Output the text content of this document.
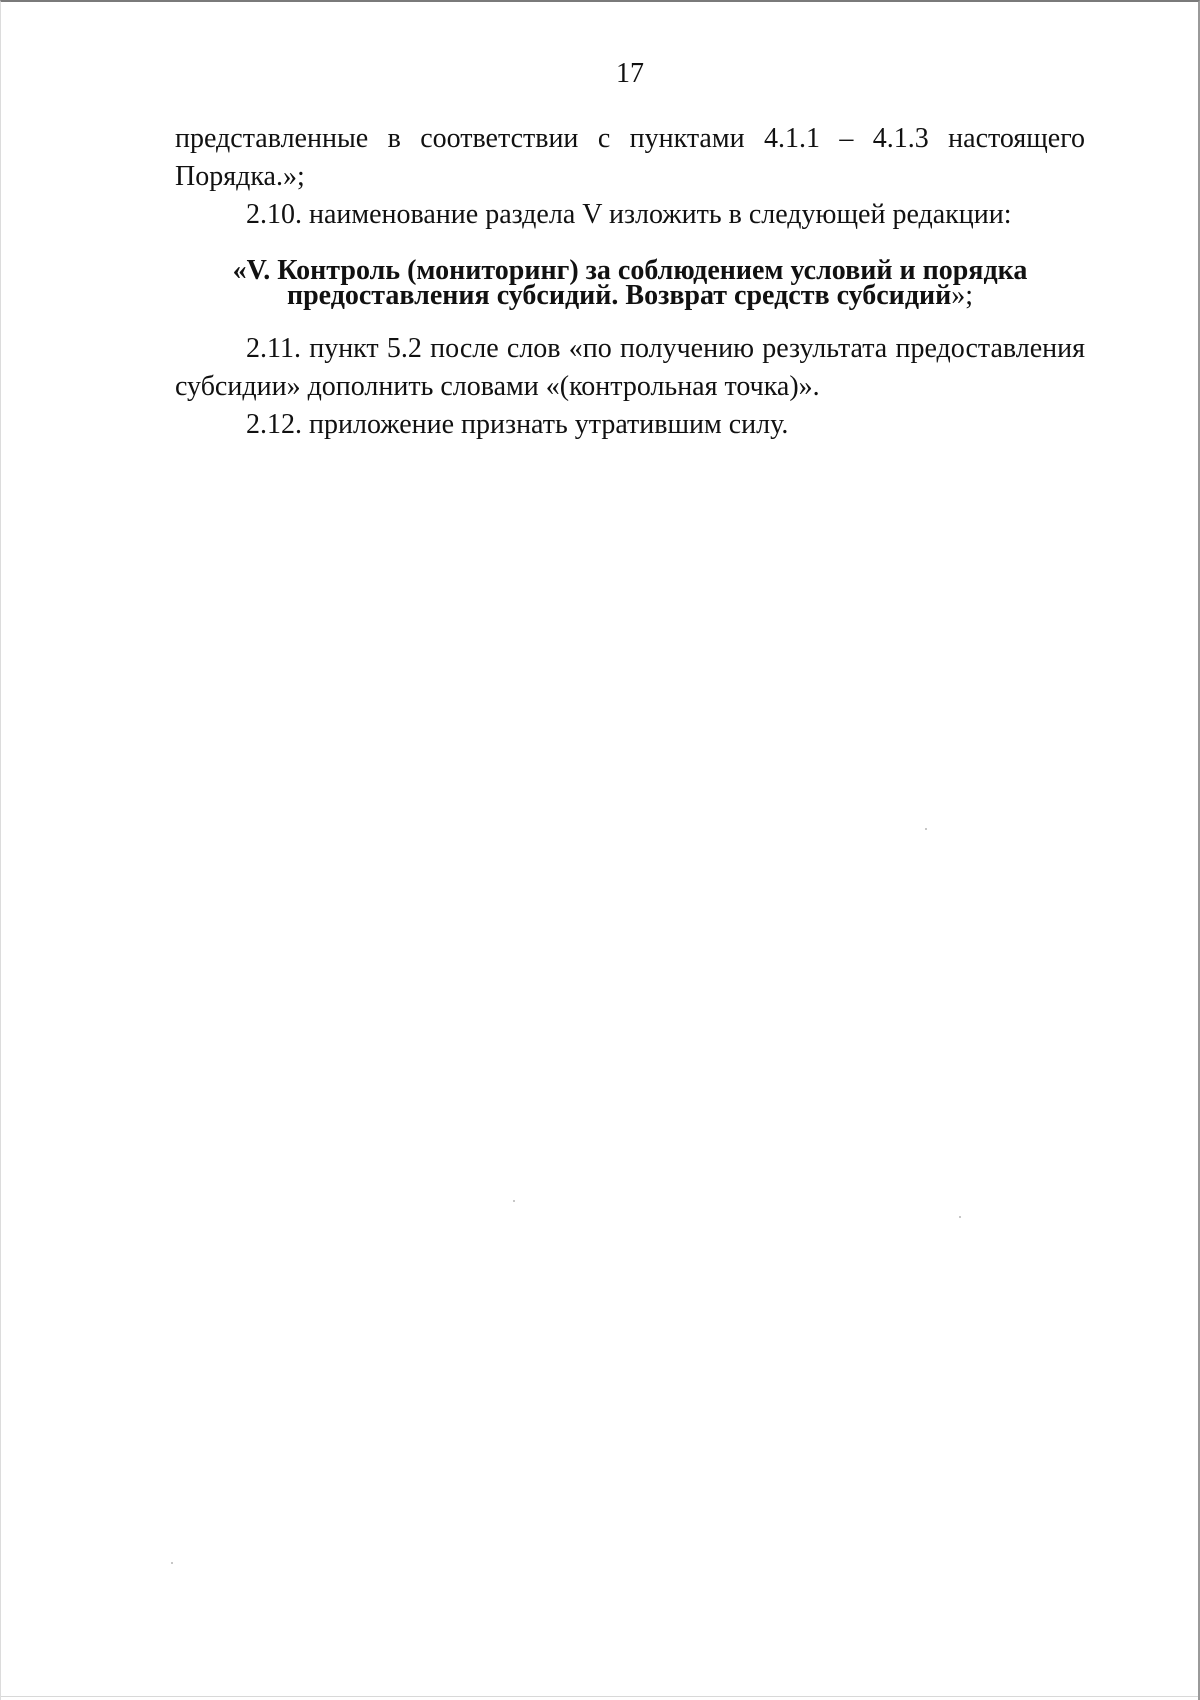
17

представленные в соответствии с пунктами 4.1.1 – 4.1.3 настоящего Порядка.»;

2.10. наименование раздела V изложить в следующей редакции:

«V. Контроль (мониторинг) за соблюдением условий и порядка предоставления субсидий. Возврат средств субсидий»;

2.11. пункт 5.2 после слов «по получению результата предоставления субсидии» дополнить словами «(контрольная точка)».

2.12. приложение признать утратившим силу.
